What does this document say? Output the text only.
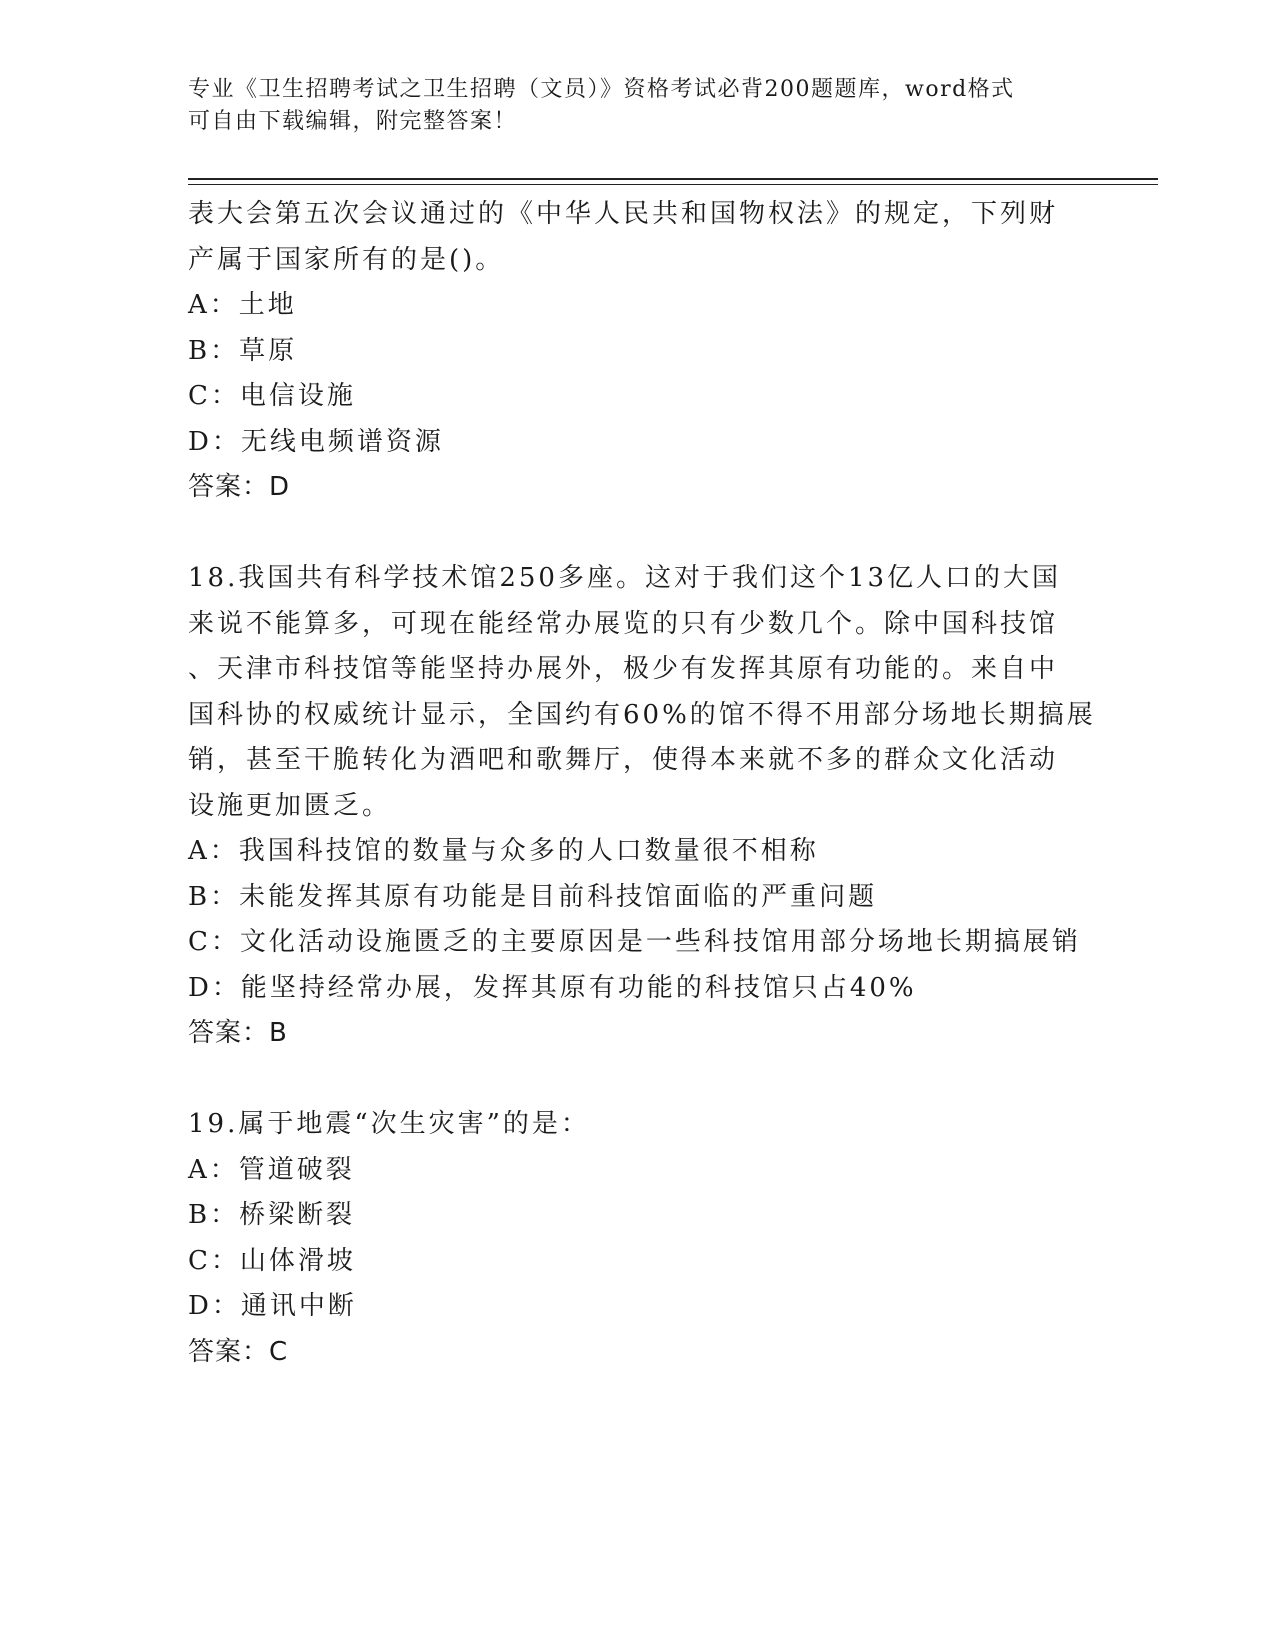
专业《卫生招聘考试之卫生招聘（文员）》资格考试必背200题题库，word格式
可自由下载编辑，附完整答案！
表大会第五次会议通过的《中华人民共和国物权法》的规定，下列财
产属于国家所有的是()。
A：土地
B：草原
C：电信设施
D：无线电频谱资源
答案：D
18.我国共有科学技术馆250多座。这对于我们这个13亿人口的大国
来说不能算多，可现在能经常办展览的只有少数几个。除中国科技馆
、天津市科技馆等能坚持办展外，极少有发挥其原有功能的。来自中
国科协的权威统计显示，全国约有60%的馆不得不用部分场地长期搞展
销，甚至干脆转化为酒吧和歌舞厅，使得本来就不多的群众文化活动
设施更加匮乏。
A：我国科技馆的数量与众多的人口数量很不相称
B：未能发挥其原有功能是目前科技馆面临的严重问题
C：文化活动设施匮乏的主要原因是一些科技馆用部分场地长期搞展销
D：能坚持经常办展，发挥其原有功能的科技馆只占40%
答案：B
19.属于地震“次生灾害”的是：
A：管道破裂
B：桥梁断裂
C：山体滑坡
D：通讯中断
答案：C
